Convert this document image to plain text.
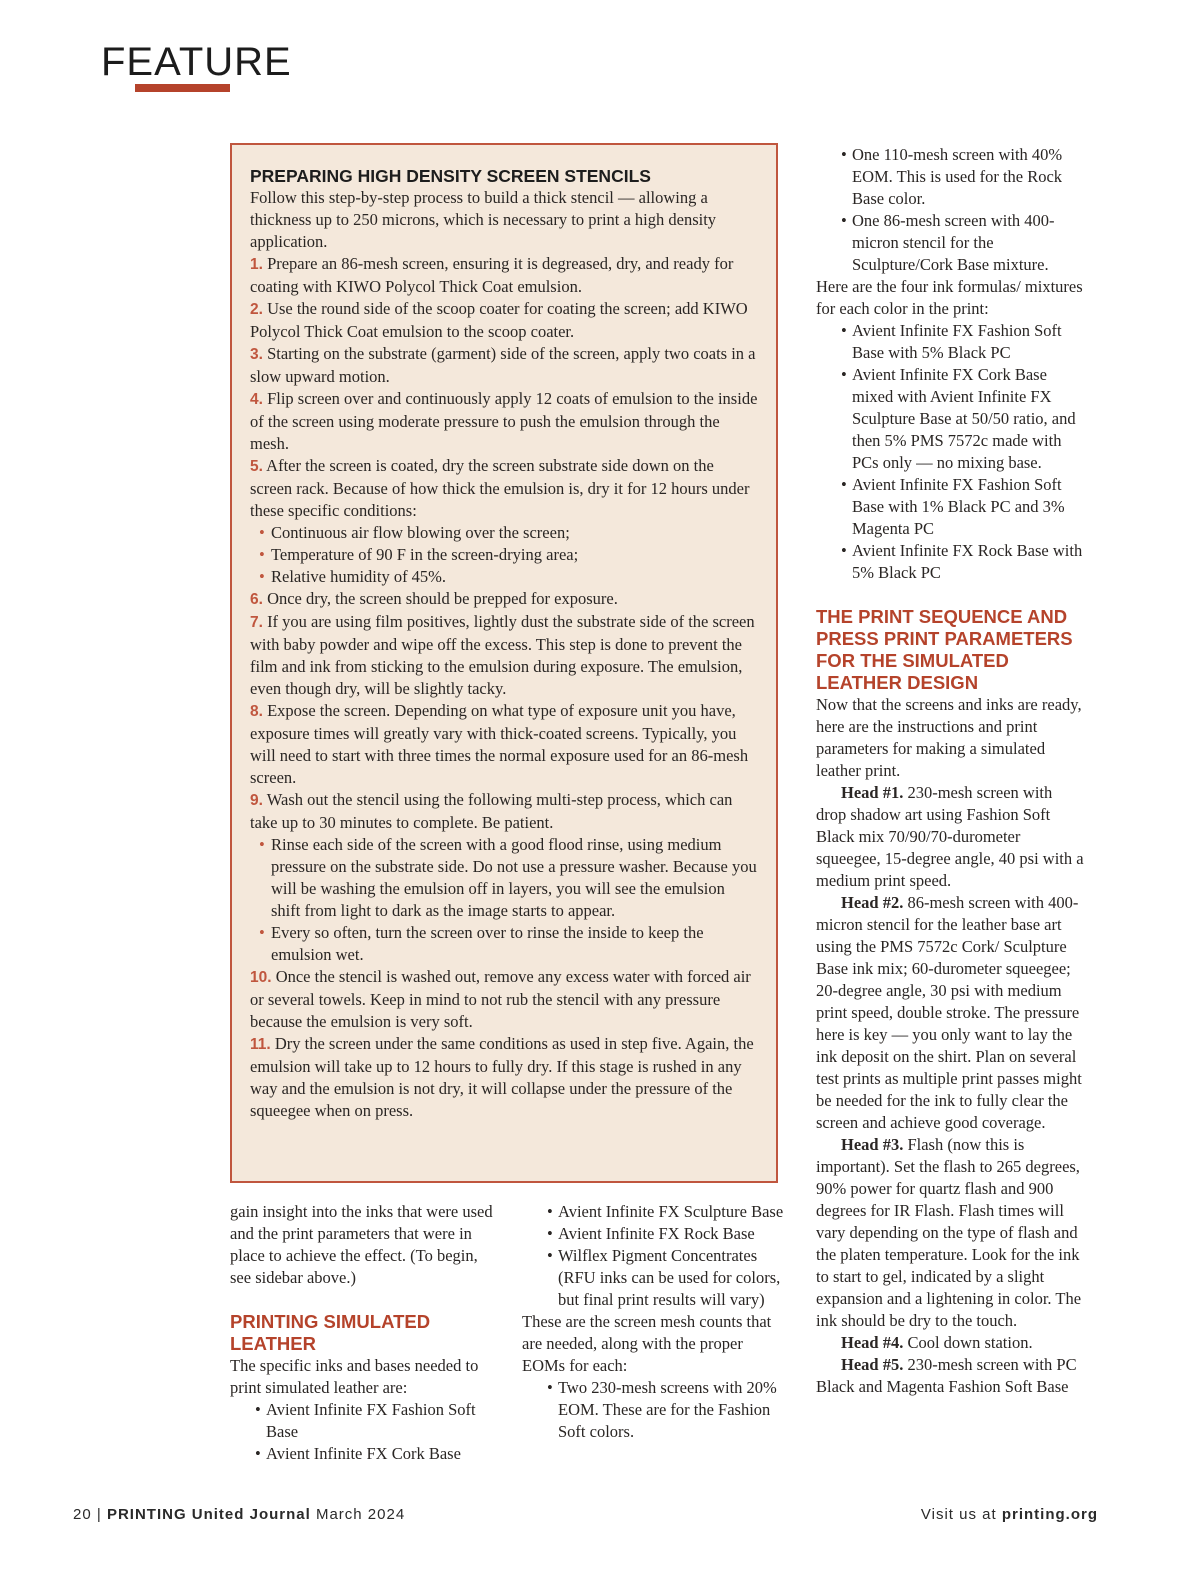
FEATURE

PREPARING HIGH DENSITY SCREEN STENCILS

Follow this step-by-step process to build a thick stencil — allowing a thickness up to 250 microns, which is necessary to print a high density application.

1. Prepare an 86-mesh screen, ensuring it is degreased, dry, and ready for coating with KIWO Polycol Thick Coat emulsion.

2. Use the round side of the scoop coater for coating the screen; add KIWO Polycol Thick Coat emulsion to the scoop coater.

3. Starting on the substrate (garment) side of the screen, apply two coats in a slow upward motion.

4. Flip screen over and continuously apply 12 coats of emulsion to the inside of the screen using moderate pressure to push the emulsion through the mesh.

5. After the screen is coated, dry the screen substrate side down on the screen rack. Because of how thick the emulsion is, dry it for 12 hours under these specific conditions:

• Continuous air flow blowing over the screen;
• Temperature of 90 F in the screen-drying area;
• Relative humidity of 45%.

6. Once dry, the screen should be prepped for exposure.

7. If you are using film positives, lightly dust the substrate side of the screen with baby powder and wipe off the excess. This step is done to prevent the film and ink from sticking to the emulsion during exposure. The emulsion, even though dry, will be slightly tacky.

8. Expose the screen. Depending on what type of exposure unit you have, exposure times will greatly vary with thick-coated screens. Typically, you will need to start with three times the normal exposure used for an 86-mesh screen.

9. Wash out the stencil using the following multi-step process, which can take up to 30 minutes to complete. Be patient.

• Rinse each side of the screen with a good flood rinse, using medium pressure on the substrate side. Do not use a pressure washer. Because you will be washing the emulsion off in layers, you will see the emulsion shift from light to dark as the image starts to appear.
• Every so often, turn the screen over to rinse the inside to keep the emulsion wet.

10. Once the stencil is washed out, remove any excess water with forced air or several towels. Keep in mind to not rub the stencil with any pressure because the emulsion is very soft.

11. Dry the screen under the same conditions as used in step five. Again, the emulsion will take up to 12 hours to fully dry. If this stage is rushed in any way and the emulsion is not dry, it will collapse under the pressure of the squeegee when on press.

gain insight into the inks that were used and the print parameters that were in place to achieve the effect. (To begin, see sidebar above.)

PRINTING SIMULATED LEATHER

The specific inks and bases needed to print simulated leather are:

• Avient Infinite FX Fashion Soft Base
• Avient Infinite FX Cork Base
• Avient Infinite FX Sculpture Base
• Avient Infinite FX Rock Base
• Wilflex Pigment Concentrates (RFU inks can be used for colors, but final print results will vary)

These are the screen mesh counts that are needed, along with the proper EOMs for each:

• Two 230-mesh screens with 20% EOM. These are for the Fashion Soft colors.
• One 110-mesh screen with 40% EOM. This is used for the Rock Base color.
• One 86-mesh screen with 400-micron stencil for the Sculpture/Cork Base mixture.

Here are the four ink formulas/ mixtures for each color in the print:

• Avient Infinite FX Fashion Soft Base with 5% Black PC
• Avient Infinite FX Cork Base mixed with Avient Infinite FX Sculpture Base at 50/50 ratio, and then 5% PMS 7572c made with PCs only — no mixing base.
• Avient Infinite FX Fashion Soft Base with 1% Black PC and 3% Magenta PC
• Avient Infinite FX Rock Base with 5% Black PC

THE PRINT SEQUENCE AND PRESS PRINT PARAMETERS FOR THE SIMULATED LEATHER DESIGN

Now that the screens and inks are ready, here are the instructions and print parameters for making a simulated leather print.

Head #1. 230-mesh screen with drop shadow art using Fashion Soft Black mix 70/90/70-durometer squeegee, 15-degree angle, 40 psi with a medium print speed.

Head #2. 86-mesh screen with 400-micron stencil for the leather base art using the PMS 7572c Cork/ Sculpture Base ink mix; 60-durometer squeegee; 20-degree angle, 30 psi with medium print speed, double stroke. The pressure here is key — you only want to lay the ink deposit on the shirt. Plan on several test prints as multiple print passes might be needed for the ink to fully clear the screen and achieve good coverage.

Head #3. Flash (now this is important). Set the flash to 265 degrees, 90% power for quartz flash and 900 degrees for IR Flash. Flash times will vary depending on the type of flash and the platen temperature. Look for the ink to start to gel, indicated by a slight expansion and a lightening in color. The ink should be dry to the touch.

Head #4. Cool down station.

Head #5. 230-mesh screen with PC Black and Magenta Fashion Soft Base

20 | PRINTING United Journal March 2024	Visit us at printing.org
